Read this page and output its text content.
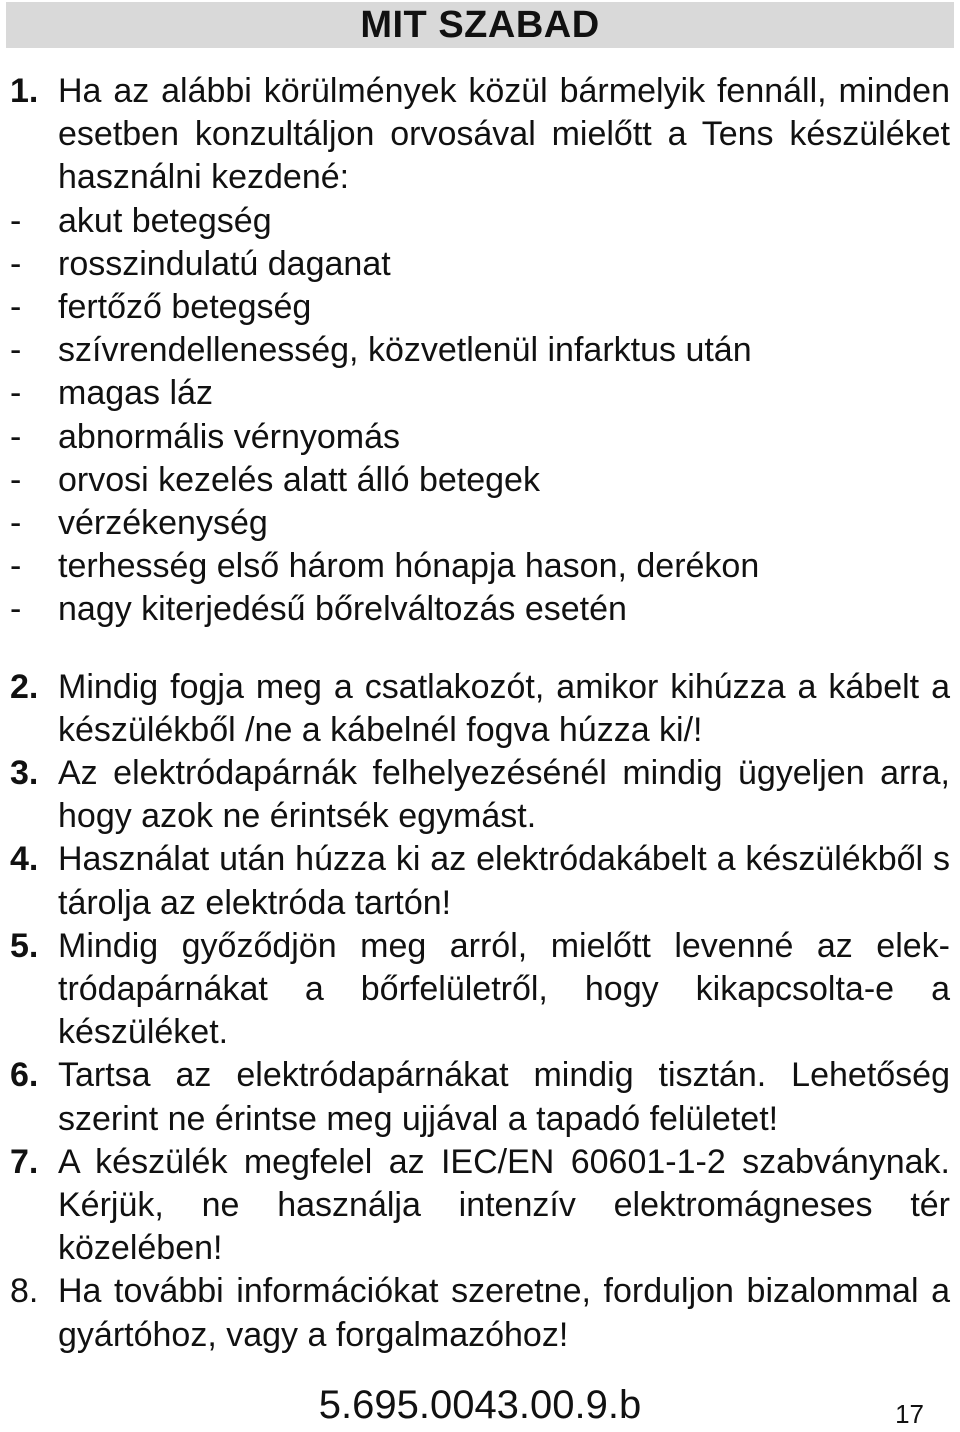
MIT SZABAD
1. Ha az alábbi körülmények közül bármelyik fennáll, minden esetben konzultáljon orvosával mielőtt a Tens készüléket használni kezdené:
-	akut betegség
-	rosszindulatú daganat
-	fertőző betegség
-	szívrendellenesség, közvetlenül infarktus után
-	magas láz
-	abnormális vérnyomás
-	orvosi kezelés alatt álló betegek
-	vérzékenység
-	terhesség első három hónapja hason, derékon
-	nagy kiterjedésű bőrelváltozás esetén
2. Mindig fogja meg a csatlakozót, amikor kihúzza a kábelt a készülékből /ne a kábelnél fogva húzza ki/!
3. Az elektródapárnák felhelyezésénél mindig ügyeljen arra, hogy azok ne érintsék egymást.
4. Használat után húzza ki az elektródakábelt a készülékből s tárolja az elektróda tartón!
5. Mindig győződjön meg arról, mielőtt levenné az elektródapárnákat a bőrfelületről, hogy kikapcsolta-e a készüléket.
6. Tartsa az elektródapárnákat mindig tisztán. Lehetőség szerint ne érintse meg ujjával a tapadó felületet!
7. A készülék megfelel az IEC/EN 60601-1-2 szabványnak. Kérjük, ne használja intenzív elektromágneses tér közelében!
8. Ha további információkat szeretne, forduljon bizalommal a gyártóhoz, vagy a forgalmazóhoz!
5.695.0043.00.9.b	17
